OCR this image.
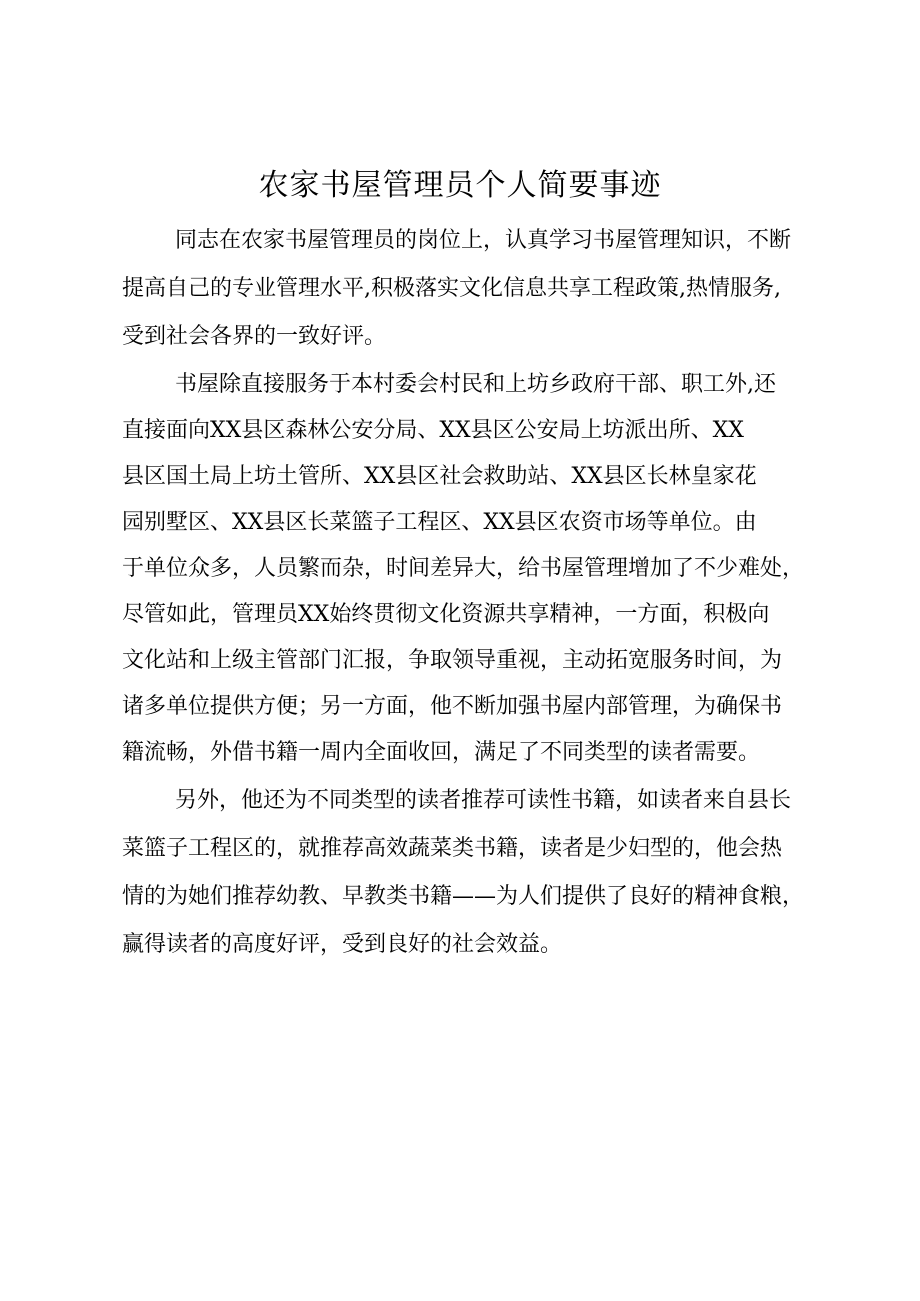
农家书屋管理员个人简要事迹
同志在农家书屋管理员的岗位上，认真学习书屋管理知识，不断
提高自己的专业管理水平,积极落实文化信息共享工程政策,热情服务,
受到社会各界的一致好评。
书屋除直接服务于本村委会村民和上坊乡政府干部、职工外,还
直接面向XX县区森林公安分局、XX县区公安局上坊派出所、XX
县区国土局上坊土管所、XX县区社会救助站、XX县区长林皇家花
园别墅区、XX县区长菜篮子工程区、XX县区农资市场等单位。由
于单位众多，人员繁而杂，时间差异大，给书屋管理增加了不少难处，
尽管如此，管理员XX始终贯彻文化资源共享精神，一方面，积极向
文化站和上级主管部门汇报，争取领导重视，主动拓宽服务时间，为
诸多单位提供方便；另一方面，他不断加强书屋内部管理，为确保书
籍流畅，外借书籍一周内全面收回，满足了不同类型的读者需要。
另外，他还为不同类型的读者推荐可读性书籍，如读者来自县长
菜篮子工程区的，就推荐高效蔬菜类书籍，读者是少妇型的，他会热
情的为她们推荐幼教、早教类书籍——为人们提供了良好的精神食粮，
赢得读者的高度好评，受到良好的社会效益。
